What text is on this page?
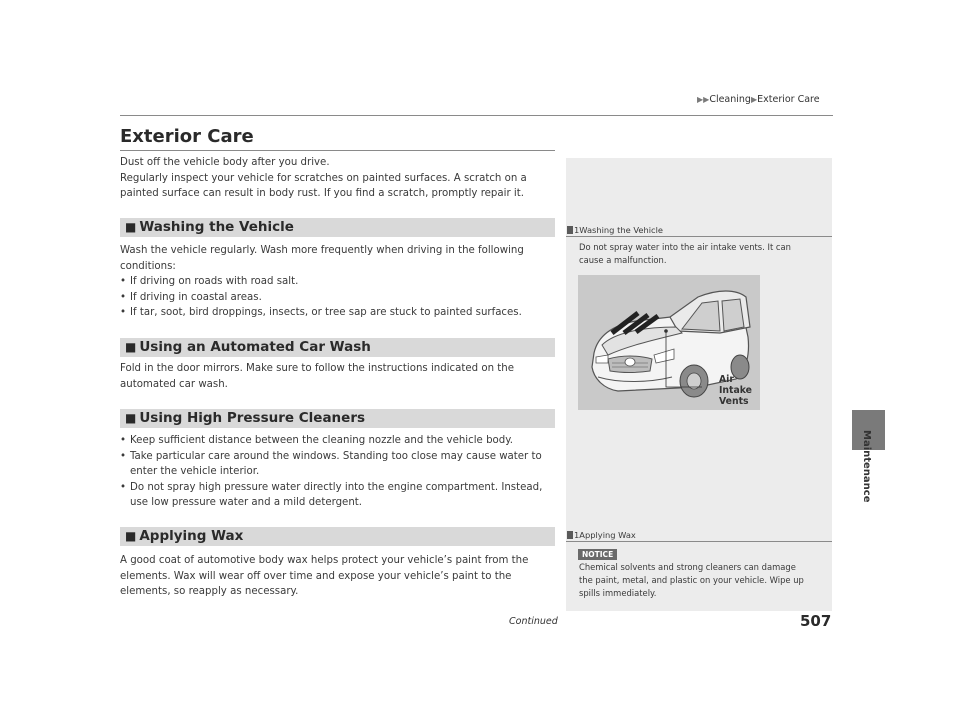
▶▶Cleaning▶Exterior Care
Maintenance
Exterior Care
Dust off the vehicle body after you drive.
Regularly inspect your vehicle for scratches on painted surfaces. A scratch on a
painted surface can result in body rust. If you find a scratch, promptly repair it.
■ Washing the Vehicle
Wash the vehicle regularly. Wash more frequently when driving in the following
conditions:
• If driving on roads with road salt.
• If driving in coastal areas.
• If tar, soot, bird droppings, insects, or tree sap are stuck to painted surfaces.
■ Using an Automated Car Wash
Fold in the door mirrors. Make sure to follow the instructions indicated on the
automated car wash.
■ Using High Pressure Cleaners
• Keep sufficient distance between the cleaning nozzle and the vehicle body.
• Take particular care around the windows. Standing too close may cause water to
enter the vehicle interior.
• Do not spray high pressure water directly into the engine compartment. Instead,
use low pressure water and a mild detergent.
■ Applying Wax
A good coat of automotive body wax helps protect your vehicle’s paint from the
elements. Wax will wear off over time and expose your vehicle’s paint to the
elements, so reapply as necessary.
1Washing the Vehicle
Do not spray water into the air intake vents. It can
cause a malfunction.
Air
Intake
Vents
1Applying Wax
NOTICE
Chemical solvents and strong cleaners can damage
the paint, metal, and plastic on your vehicle. Wipe up
spills immediately.
Continued	507
